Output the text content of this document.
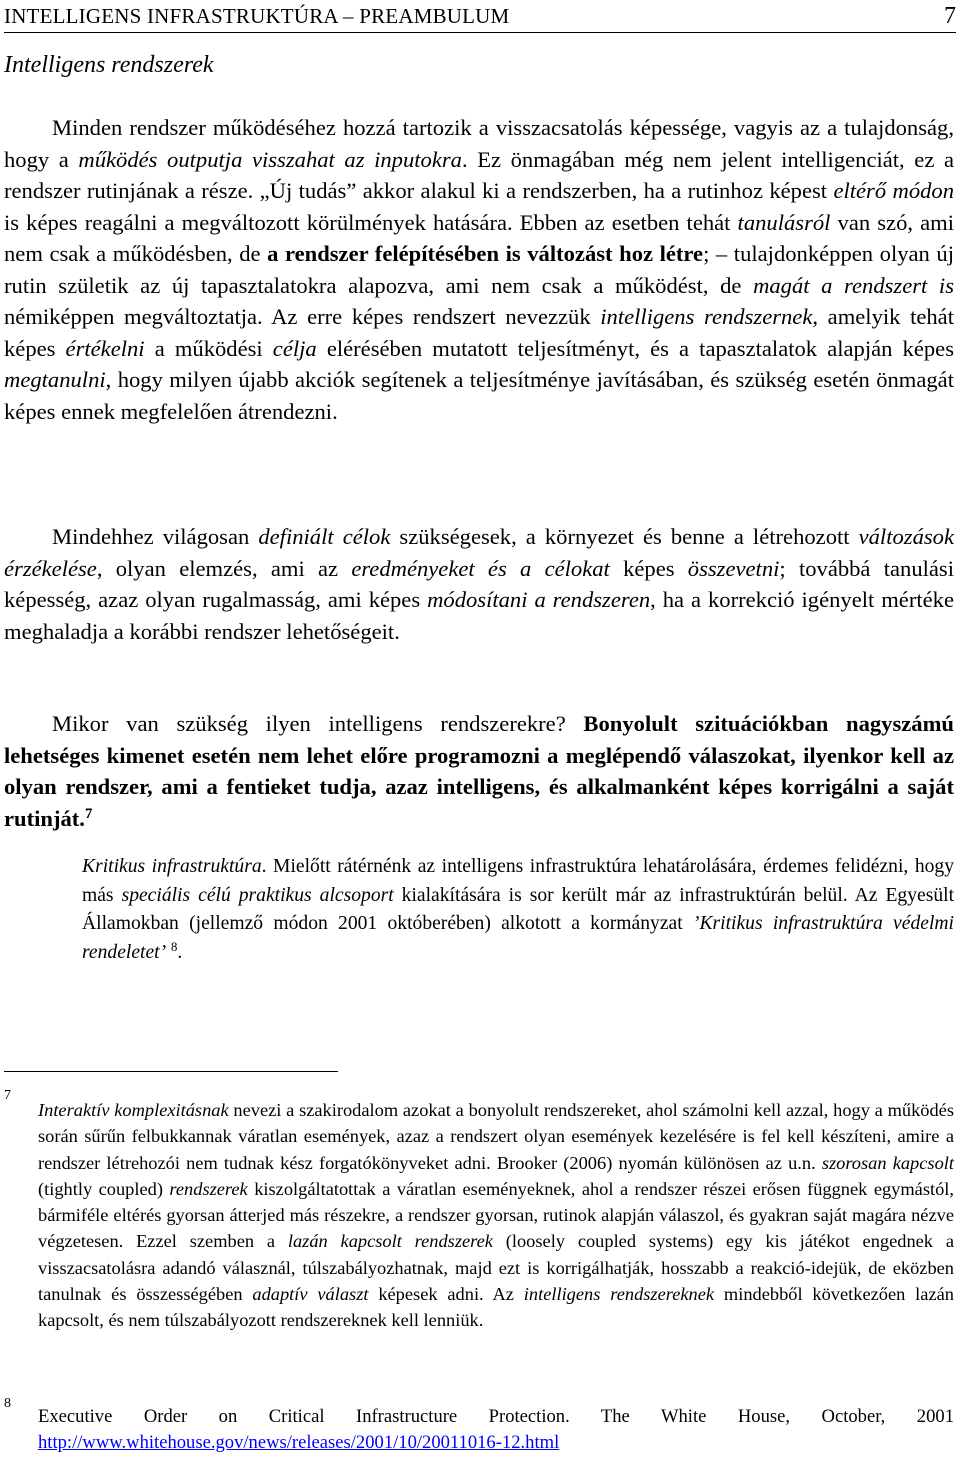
INTELLIGENS INFRASTRUKTÚRA – PREAMBULUM	7
Intelligens rendszerek

Minden rendszer működéséhez hozzá tartozik a visszacsatolás képessége, vagyis az a tulajdonság, hogy a működés outputja visszahat az inputokra. Ez önmagában még nem jelent intelligenciát, ez a rendszer rutinjának a része. „Új tudás” akkor alakul ki a rendszerben, ha a rutinhoz képest eltérő módon is képes reagálni a megváltozott körülmények hatására. Ebben az esetben tehát tanulásról van szó, ami nem csak a működésben, de a rendszer felépítésében is változást hoz létre; – tulajdonképpen olyan új rutin születik az új tapasztalatokra alapozva, ami nem csak a működést, de magát a rendszert is némiképpen megváltoztatja. Az erre képes rendszert nevezzük intelligens rendszernek, amelyik tehát képes értékelni a működési célja elérésében mutatott teljesítményt, és a tapasztalatok alapján képes megtanulni, hogy milyen újabb akciók segítenek a teljesítménye javításában, és szükség esetén önmagát képes ennek megfelelően átrendezni.

Mindehhez világosan definiált célok szükségesek, a környezet és benne a létrehozott változások érzékelése, olyan elemzés, ami az eredményeket és a célokat képes összevetni; továbbá tanulási képesség, azaz olyan rugalmasság, ami képes módosítani a rendszeren, ha a korrekció igényelt mértéke meghaladja a korábbi rendszer lehetőségeit.

Mikor van szükség ilyen intelligens rendszerekre? Bonyolult szituációkban nagyszámú lehetséges kimenet esetén nem lehet előre programozni a meglépendő válaszokat, ilyenkor kell az olyan rendszer, ami a fentieket tudja, azaz intelligens, és alkalmanként képes korrigálni a saját rutinját.$^7$

Kritikus infrastruktúra. Mielőtt rátérnénk az intelligens infrastruktúra lehatárolására, érdemes felidézni, hogy más speciális célú praktikus alcsoport kialakítására is sor került már az infrastruktúrán belül. Az Egyesült Államokban (jellemző módon 2001 októberében) alkotott a kormányzat ’Kritikus infrastruktúra védelmi rendeletet’ $^8$.

7

Interaktív komplexitásnak nevezi a szakirodalom azokat a bonyolult rendszereket, ahol számolni kell azzal, hogy a működés során sűrűn felbukkannak váratlan események, azaz a rendszert olyan események kezelésére is fel kell készíteni, amire a rendszer létrehozói nem tudnak kész forgatókönyveket adni. Brooker (2006) nyomán különösen az u.n. szorosan kapcsolt (tightly coupled) rendszerek kiszolgáltatottak a váratlan eseményeknek, ahol a rendszer részei erősen függnek egymástól, bármiféle eltérés gyorsan átterjed más részekre, a rendszer gyorsan, rutinok alapján válaszol, és gyakran saját magára nézve végzetesen. Ezzel szemben a lazán kapcsolt rendszerek (loosely coupled systems) egy kis játékot engednek a visszacsatolásra adandó válasznál, túlszabályozhatnak, majd ezt is korrigálhatják, hosszabb a reakció-idejük, de eközben tanulnak és összességében adaptív választ képesek adni. Az intelligens rendszereknek mindebből következően lazán kapcsolt, és nem túlszabályozott rendszereknek kell lenniük.

8

Executive Order on Critical Infrastructure Protection. The White House, October, 2001 http://www.whitehouse.gov/news/releases/2001/10/20011016-12.html
